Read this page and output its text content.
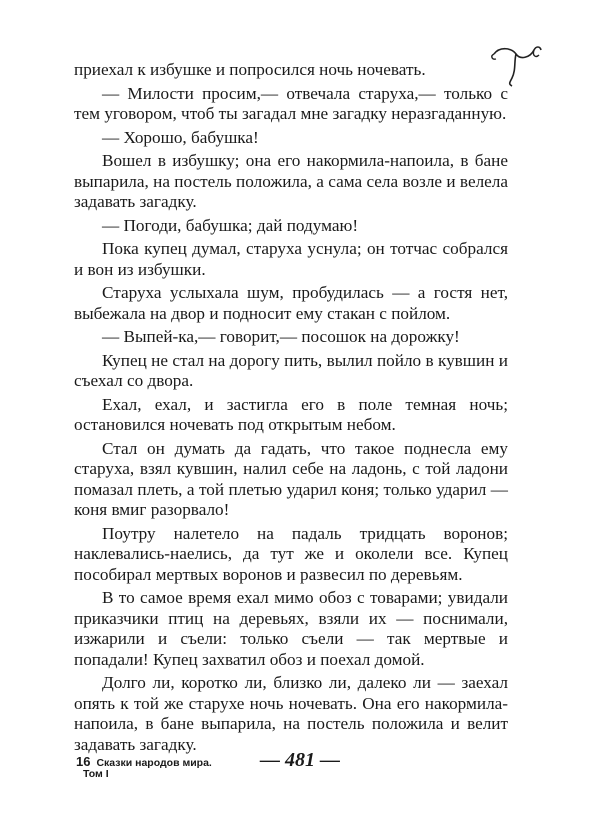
приехал к избушке и попросился ночь ночевать.

— Милости просим,— отвечала старуха,— только с тем уговором, чтоб ты загадал мне загадку неразгаданную.

— Хорошо, бабушка!

Вошел в избушку; она его накормила-напоила, в бане выпарила, на постель положила, а сама села возле и велела задавать загадку.

— Погоди, бабушка; дай подумаю!

Пока купец думал, старуха уснула; он тотчас собрался и вон из избушки.

Старуха услыхала шум, пробудилась — а гостя нет, выбежала на двор и подносит ему стакан с пойлом.

— Выпей-ка,— говорит,— посошок на дорожку!

Купец не стал на дорогу пить, вылил пойло в кувшин и съехал со двора.

Ехал, ехал, и застигла его в поле темная ночь; остановился ночевать под открытым небом.

Стал он думать да гадать, что такое поднесла ему старуха, взял кувшин, налил себе на ладонь, с той ладони помазал плеть, а той плетью ударил коня; только ударил — коня вмиг разорвало!

Поутру налетело на падаль тридцать воронов; наклевались-наелись, да тут же и околели все. Купец пособирал мертвых воронов и развесил по деревьям.

В то самое время ехал мимо обоз с товарами; увидали приказчики птиц на деревьях, взяли их — поснимали, изжарили и съели: только съели — так мертвые и попадали! Купец захватил обоз и поехал домой.

Долго ли, коротко ли, близко ли, далеко ли — заехал опять к той же старухе ночь ночевать. Она его накормила-напоила, в бане выпарила, на постель положила и велит задавать загадку.

16 Сказки народов мира.
Том I
— 481 —
